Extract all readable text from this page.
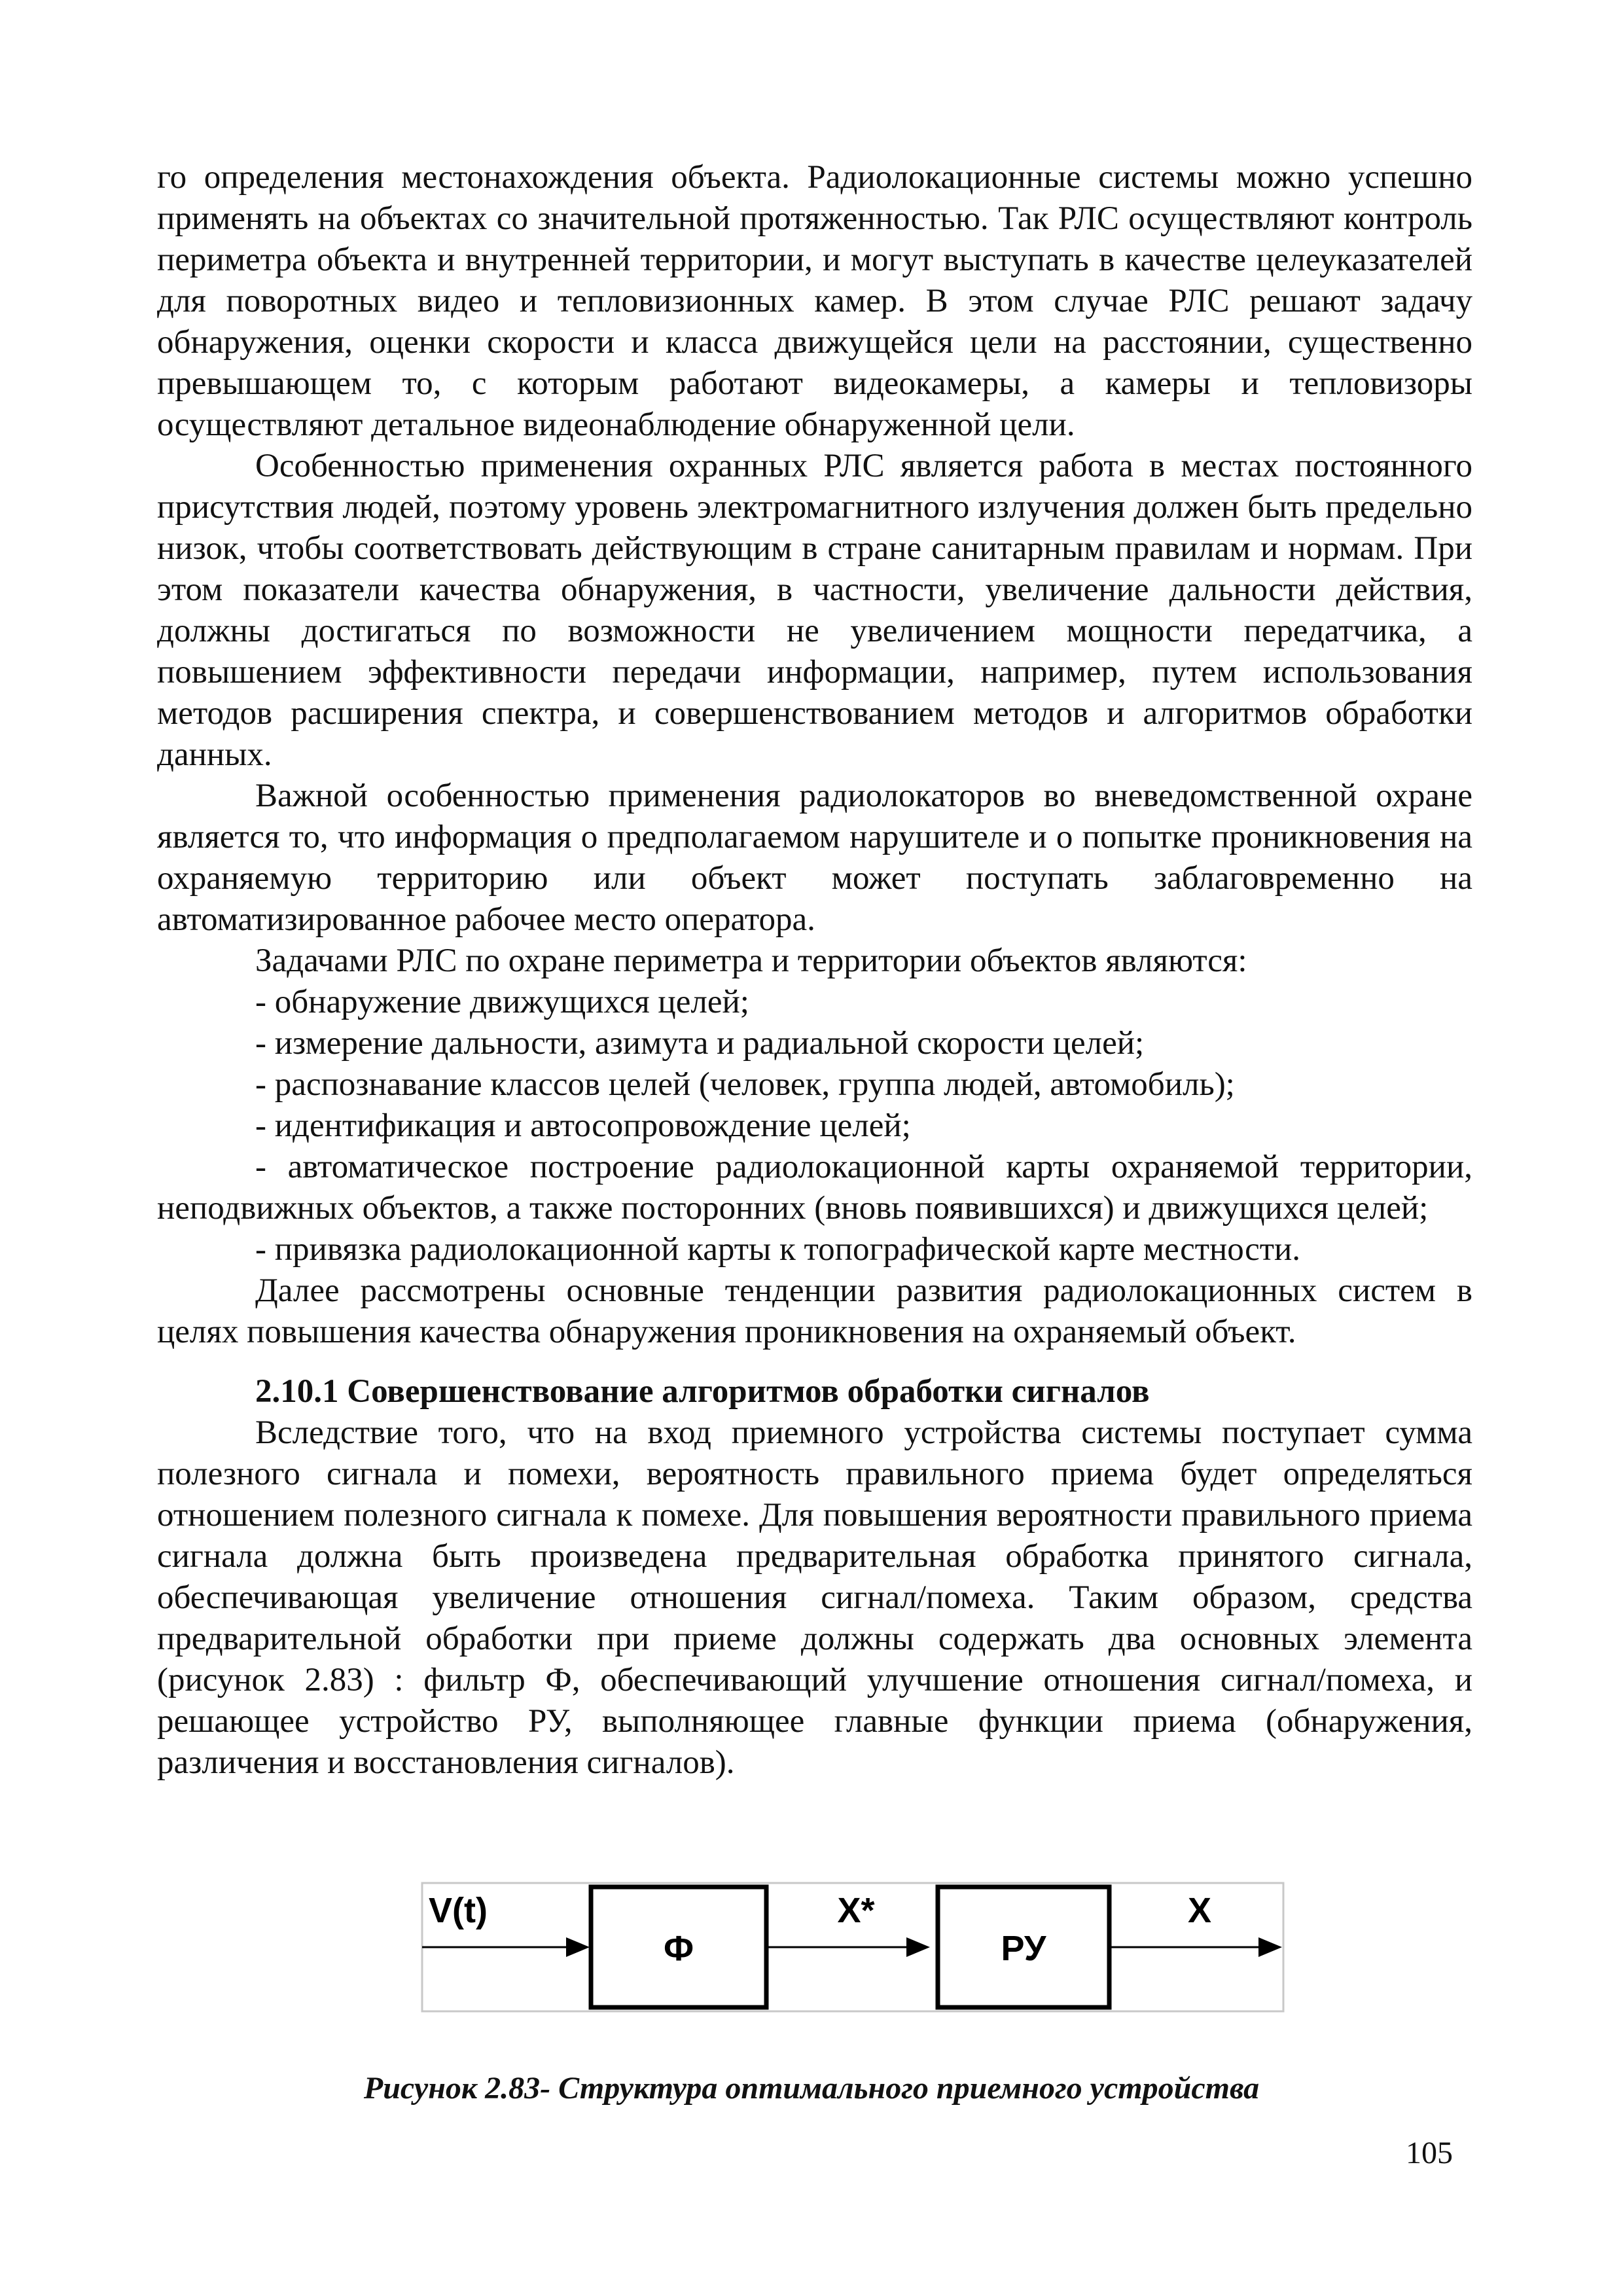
го определения местонахождения объекта. Радиолокационные системы можно успешно применять на объектах со значительной протяженностью. Так РЛС осуществляют контроль периметра объекта и внутренней территории, и могут выступать в качестве целеуказателей для поворотных видео и тепловизионных камер. В этом случае РЛС решают задачу обнаружения, оценки скорости и класса движущейся цели на расстоянии, существенно превышающем то, с которым работают видеокамеры, а камеры и тепловизоры осуществляют детальное видеонаблюдение обнаруженной цели.

Особенностью применения охранных РЛС является работа в местах постоянного присутствия людей, поэтому уровень электромагнитного излучения должен быть предельно низок, чтобы соответствовать действующим в стране санитарным правилам и нормам. При этом показатели качества обнаружения, в частности, увеличение дальности действия, должны достигаться по возможности не увеличением мощности передатчика, а повышением эффективности передачи информации, например, путем использования методов расширения спектра, и совершенствованием методов и алгоритмов обработки данных.

Важной особенностью применения радиолокаторов во вневедомственной охране является то, что информация о предполагаемом нарушителе и о попытке проникновения на охраняемую территорию или объект может поступать заблаговременно на автоматизированное рабочее место оператора.

Задачами РЛС по охране периметра и территории объектов являются:

- обнаружение движущихся целей;

- измерение дальности, азимута и радиальной скорости целей;

- распознавание классов целей (человек, группа людей, автомобиль);

- идентификация и автосопровождение целей;

- автоматическое построение радиолокационной карты охраняемой территории, неподвижных объектов, а также посторонних (вновь появившихся) и движущихся целей;

- привязка радиолокационной карты к топографической карте местности.

Далее рассмотрены основные тенденции развития радиолокационных систем в целях повышения качества обнаружения проникновения на охраняемый объект.

2.10.1 Совершенствование алгоритмов обработки сигналов

Вследствие того, что на вход приемного устройства системы поступает сумма полезного сигнала и помехи, вероятность правильного приема будет определяться отношением полезного сигнала к помехе. Для повышения вероятности правильного приема сигнала должна быть произведена предварительная обработка принятого сигнала, обеспечивающая увеличение отношения сигнал/помеха. Таким образом, средства предварительной обработки при приеме должны содержать два основных элемента (рисунок 2.83) : фильтр Ф, обеспечивающий улучшение отношения сигнал/помеха, и решающее устройство РУ, выполняющее главные функции приема (обнаружения, различения и восстановления сигналов).

V(t)
Ф
X*
РУ
X

Рисунок 2.83- Структура оптимального приемного устройства

105
